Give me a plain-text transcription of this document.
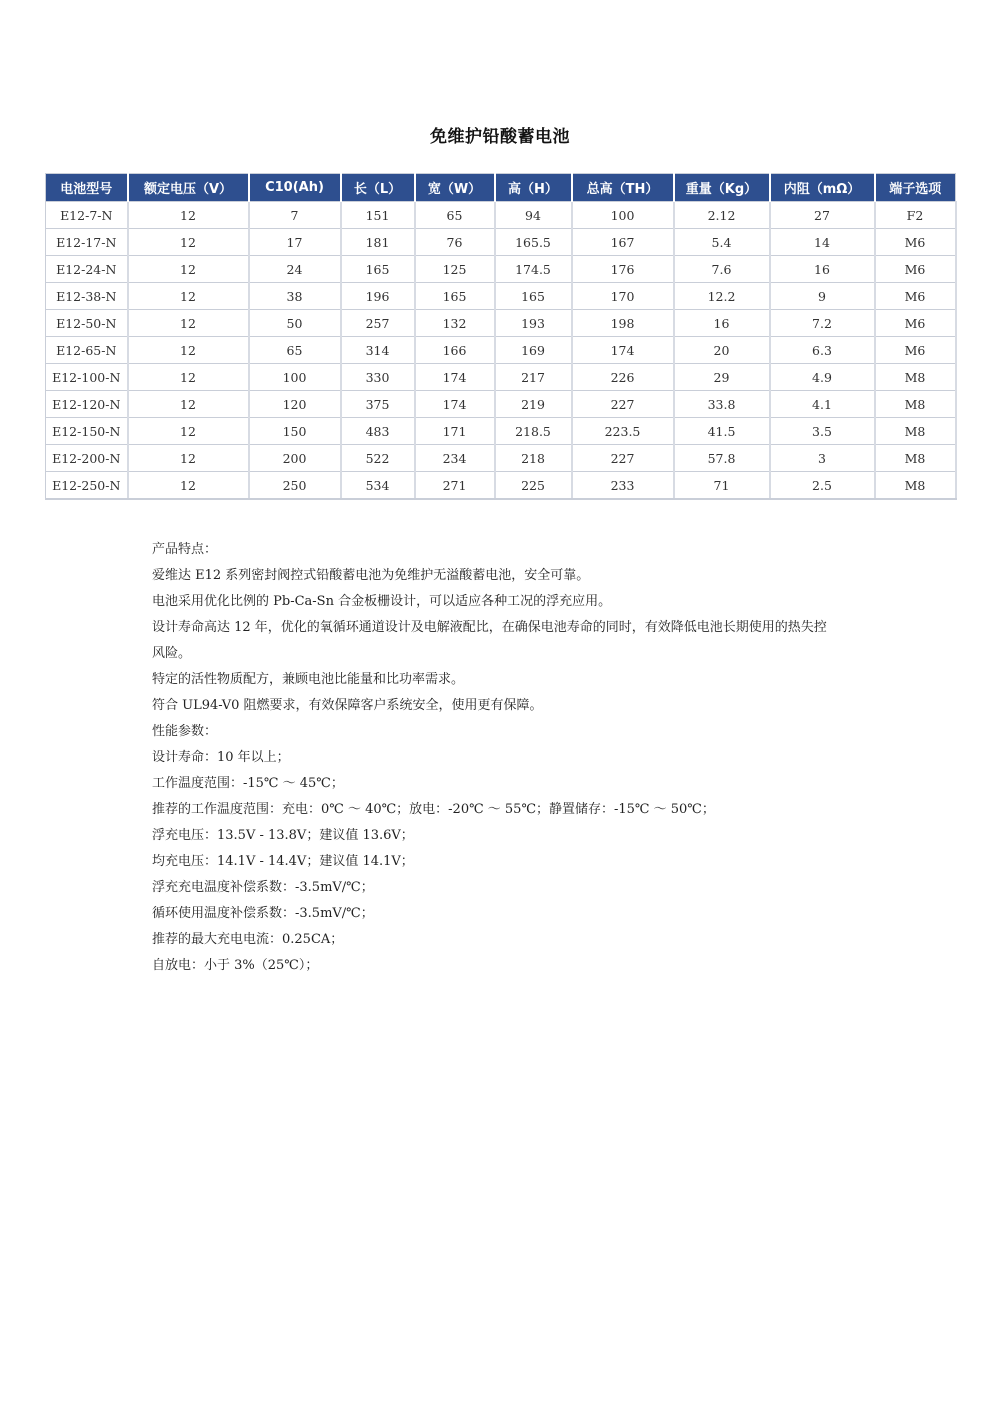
免维护铅酸蓄电池
电池型号	额定电压（V）	C10(Ah)	长（L）	宽（W）	高（H）	总高（TH）	重量（Kg）	内阻（mΩ）	端子选项
E12-7-N	12	7	151	65	94	100	2.12	27	F2
E12-17-N	12	17	181	76	165.5	167	5.4	14	M6
E12-24-N	12	24	165	125	174.5	176	7.6	16	M6
E12-38-N	12	38	196	165	165	170	12.2	9	M6
E12-50-N	12	50	257	132	193	198	16	7.2	M6
E12-65-N	12	65	314	166	169	174	20	6.3	M6
E12-100-N	12	100	330	174	217	226	29	4.9	M8
E12-120-N	12	120	375	174	219	227	33.8	4.1	M8
E12-150-N	12	150	483	171	218.5	223.5	41.5	3.5	M8
E12-200-N	12	200	522	234	218	227	57.8	3	M8
E12-250-N	12	250	534	271	225	233	71	2.5	M8

产品特点：

爱维达 E12 系列密封阀控式铅酸蓄电池为免维护无溢酸蓄电池，安全可靠。

电池采用优化比例的 Pb-Ca-Sn 合金板栅设计，可以适应各种工况的浮充应用。

设计寿命高达 12 年，优化的氧循环通道设计及电解液配比，在确保电池寿命的同时，有效降低电池长期使用的热失控

风险。

特定的活性物质配方，兼顾电池比能量和比功率需求。

符合 UL94-V0 阻燃要求，有效保障客户系统安全，使用更有保障。

性能参数：

设计寿命：10 年以上；

工作温度范围：-15℃ ～ 45℃；

推荐的工作温度范围：充电：0℃ ～ 40℃；放电：-20℃ ～ 55℃；静置储存：-15℃ ～ 50℃；

浮充电压：13.5V - 13.8V；建议值 13.6V；

均充电压：14.1V - 14.4V；建议值 14.1V；

浮充充电温度补偿系数：-3.5mV/℃；

循环使用温度补偿系数：-3.5mV/℃；

推荐的最大充电电流：0.25CA；

自放电：小于 3%（25℃）；
